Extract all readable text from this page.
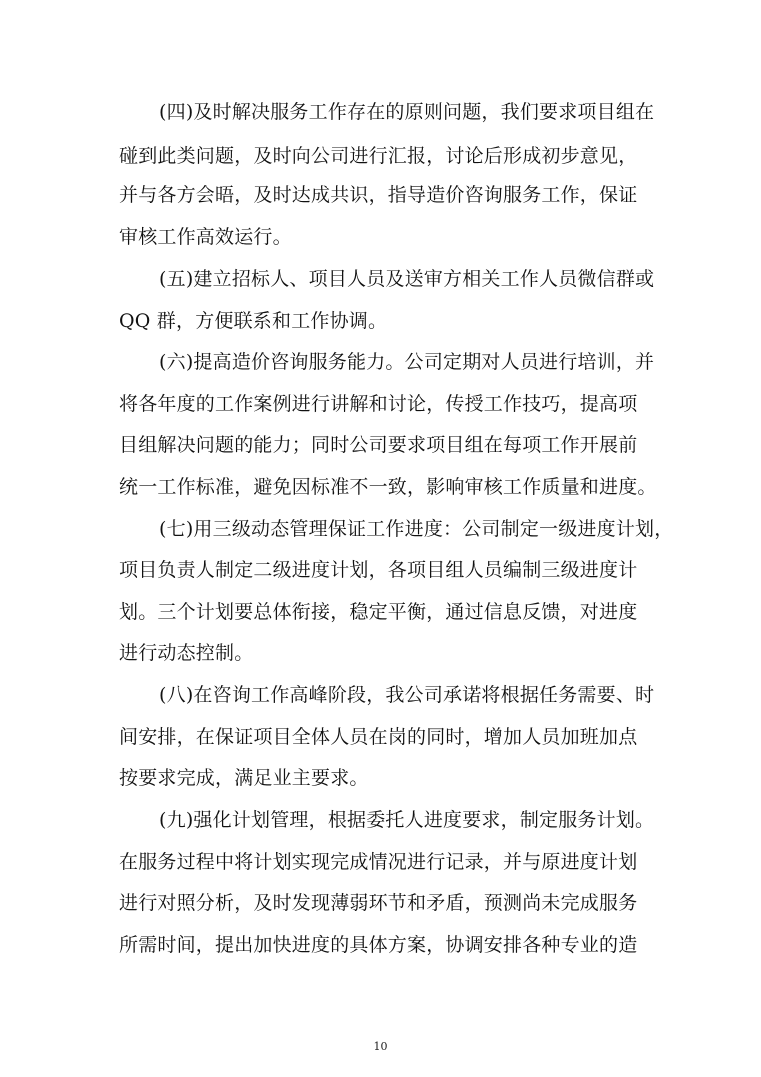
(四)及时解决服务工作存在的原则问题，我们要求项目组在
碰到此类问题，及时向公司进行汇报，讨论后形成初步意见，
并与各方会晤，及时达成共识，指导造价咨询服务工作，保证
审核工作高效运行。
(五)建立招标人、项目人员及送审方相关工作人员微信群或
QQ 群，方便联系和工作协调。
(六)提高造价咨询服务能力。公司定期对人员进行培训，并
将各年度的工作案例进行讲解和讨论，传授工作技巧，提高项
目组解决问题的能力；同时公司要求项目组在每项工作开展前
统一工作标准，避免因标准不一致，影响审核工作质量和进度。
(七)用三级动态管理保证工作进度：公司制定一级进度计划，
项目负责人制定二级进度计划，各项目组人员编制三级进度计
划。三个计划要总体衔接，稳定平衡，通过信息反馈，对进度
进行动态控制。
(八)在咨询工作高峰阶段，我公司承诺将根据任务需要、时
间安排，在保证项目全体人员在岗的同时，增加人员加班加点
按要求完成，满足业主要求。
(九)强化计划管理，根据委托人进度要求，制定服务计划。
在服务过程中将计划实现完成情况进行记录，并与原进度计划
进行对照分析，及时发现薄弱环节和矛盾，预测尚未完成服务
所需时间，提出加快进度的具体方案，协调安排各种专业的造
10
